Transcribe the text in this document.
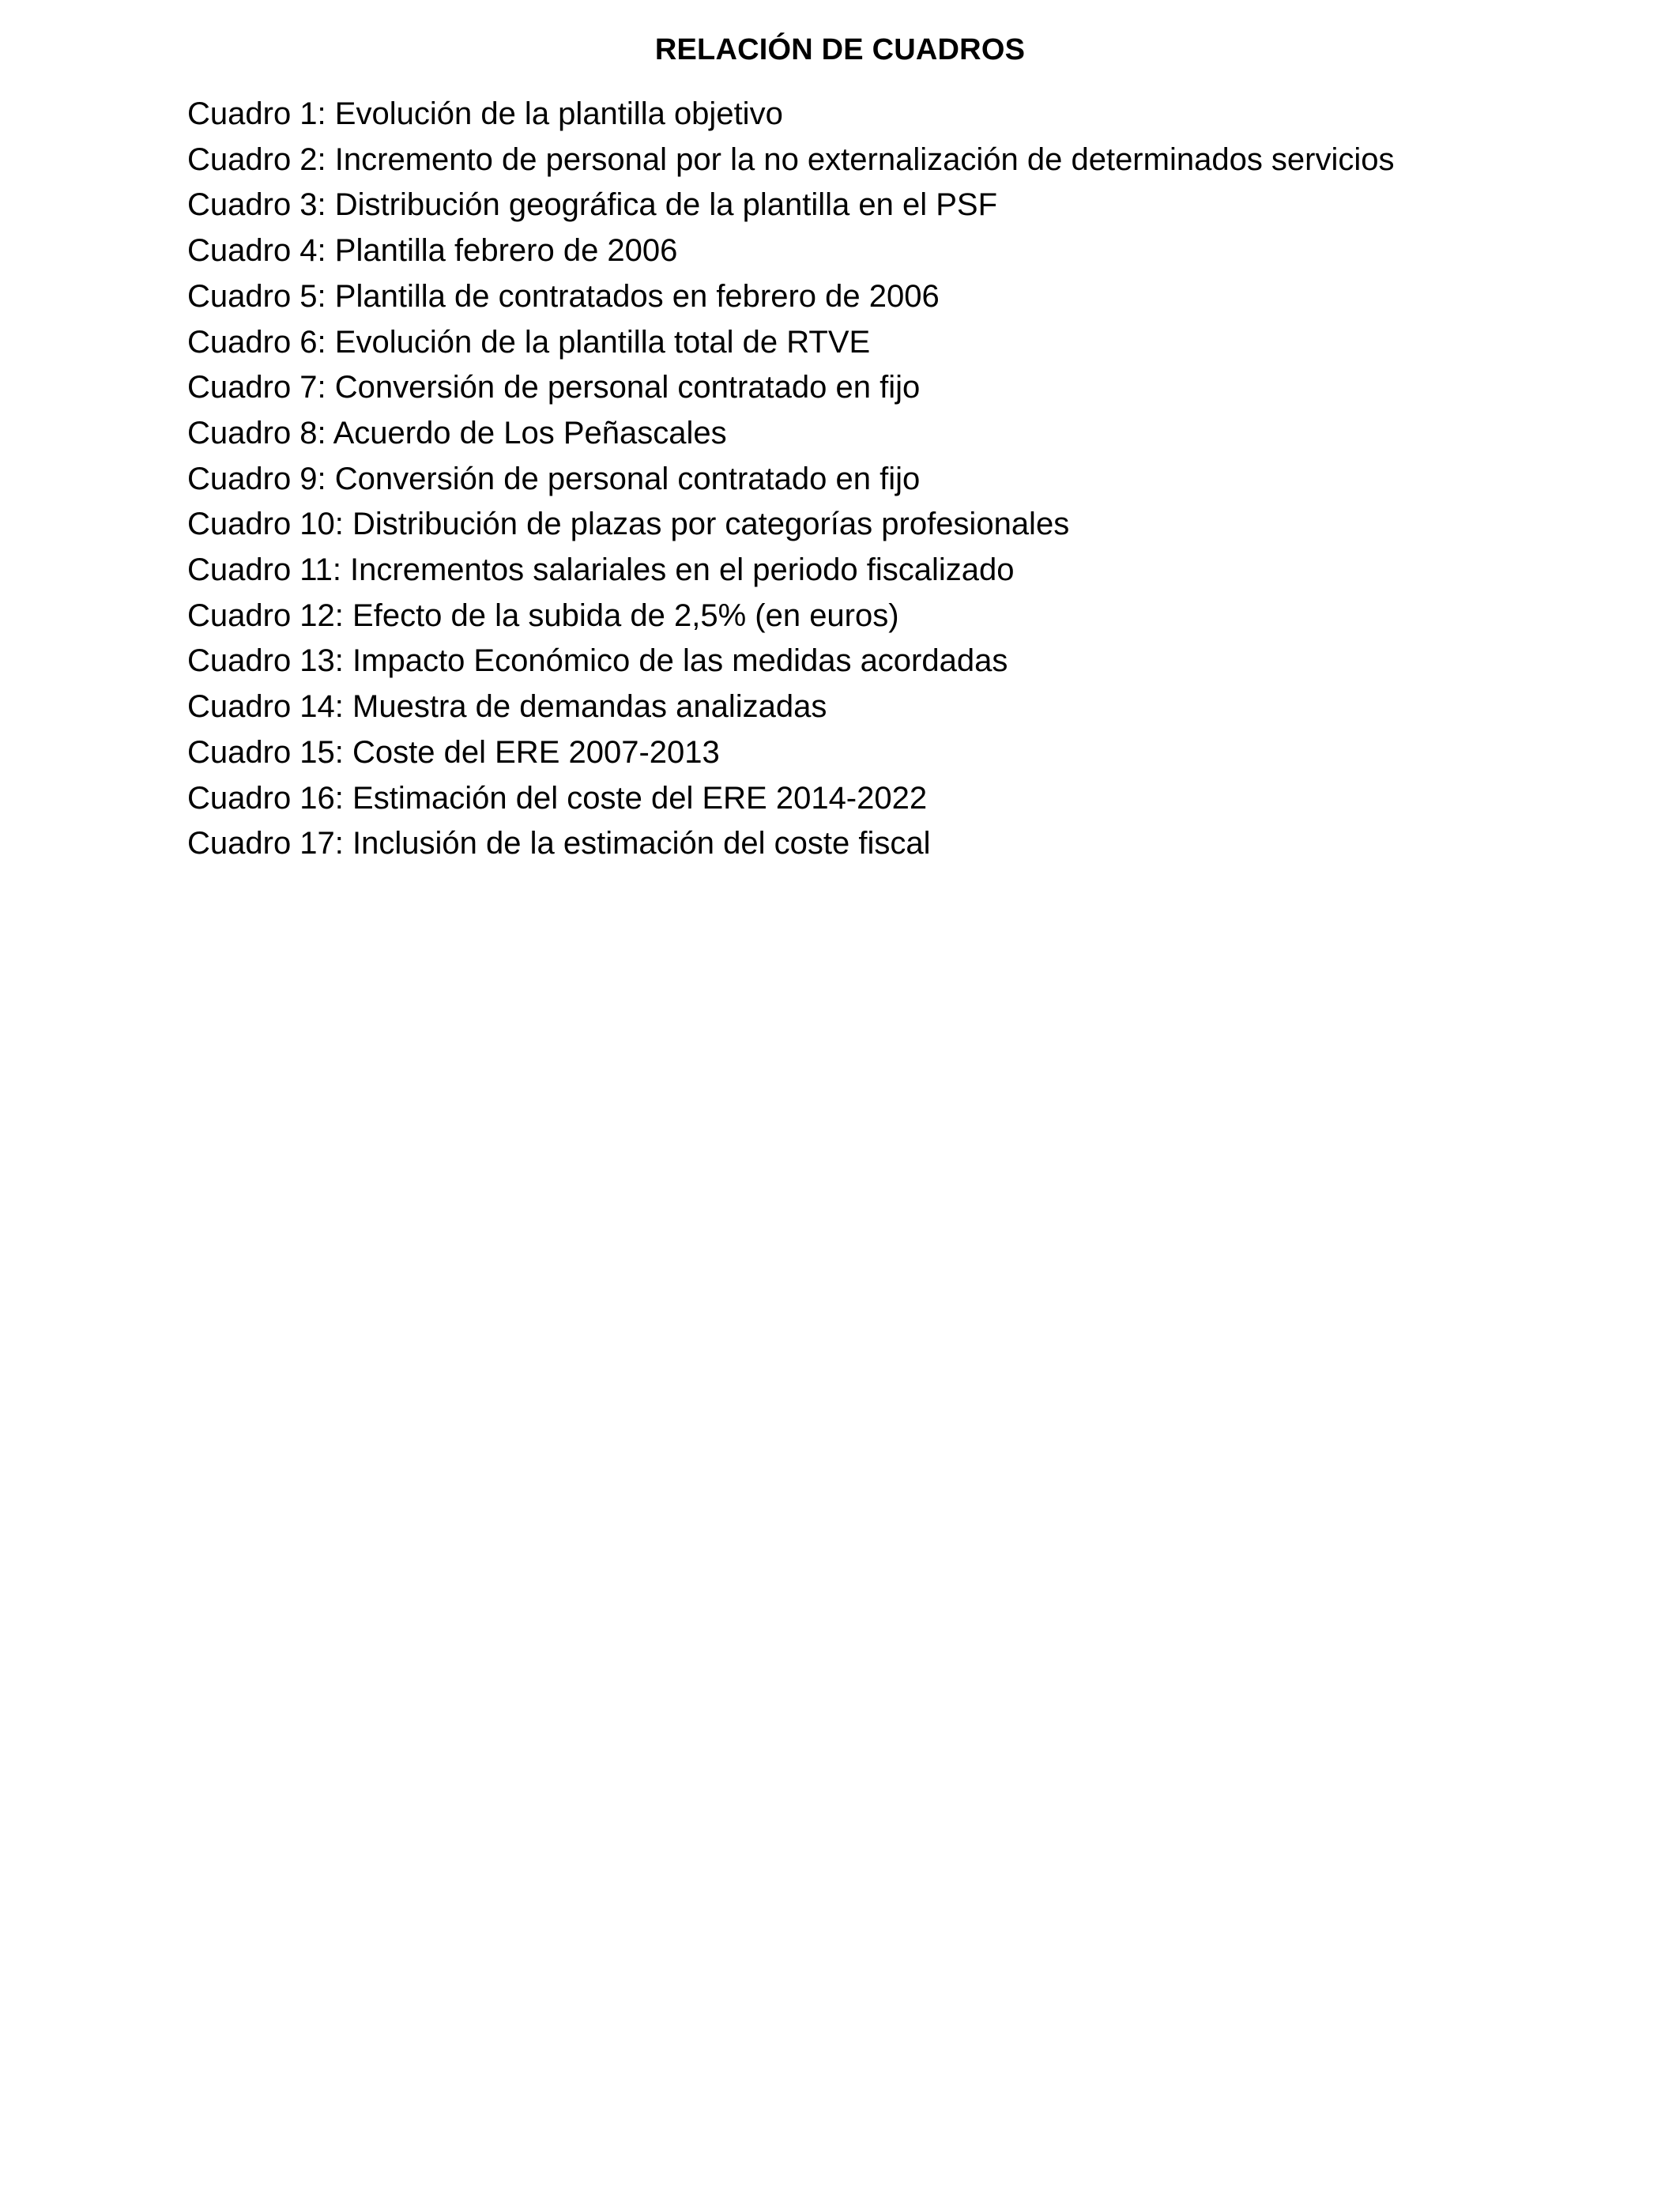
RELACIÓN DE CUADROS
Cuadro 1: Evolución de la plantilla objetivo
Cuadro 2: Incremento de personal por la no externalización de determinados servicios
Cuadro 3: Distribución geográfica de la plantilla en el PSF
Cuadro 4: Plantilla febrero de 2006
Cuadro 5: Plantilla de contratados en febrero de 2006
Cuadro 6: Evolución de la plantilla total de RTVE
Cuadro 7: Conversión de personal contratado en fijo
Cuadro 8: Acuerdo de Los Peñascales
Cuadro 9: Conversión de personal contratado en fijo
Cuadro 10: Distribución de plazas por categorías profesionales
Cuadro 11: Incrementos salariales en el periodo fiscalizado
Cuadro 12: Efecto de la subida de 2,5% (en euros)
Cuadro 13: Impacto Económico de las medidas acordadas
Cuadro 14: Muestra de demandas analizadas
Cuadro 15: Coste del ERE 2007-2013
Cuadro 16: Estimación del coste del ERE 2014-2022
Cuadro 17: Inclusión de la estimación del coste fiscal
